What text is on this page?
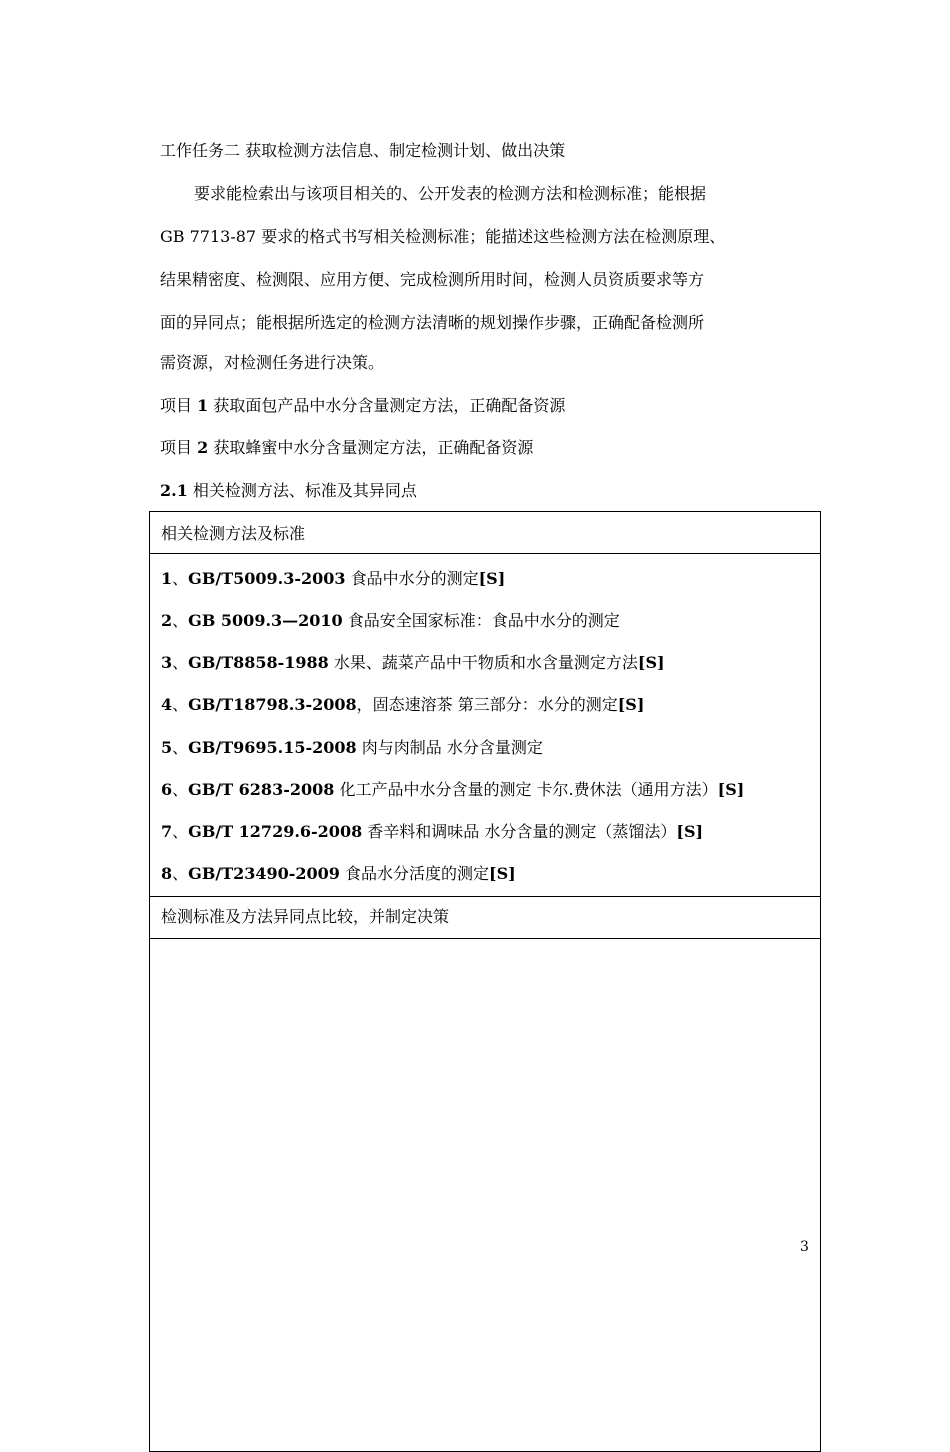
工作任务二 获取检测方法信息、制定检测计划、做出决策
要求能检索出与该项目相关的、公开发表的检测方法和检测标准；能根据
GB 7713-87 要求的格式书写相关检测标准；能描述这些检测方法在检测原理、
结果精密度、检测限、应用方便、完成检测所用时间，检测人员资质要求等方
面的异同点；能根据所选定的检测方法清晰的规划操作步骤，正确配备检测所
需资源，对检测任务进行决策。
项目 1 获取面包产品中水分含量测定方法，正确配备资源
项目 2 获取蜂蜜中水分含量测定方法，正确配备资源
2.1 相关检测方法、标准及其异同点
相关检测方法及标准
1、GB/T5009.3-2003 食品中水分的测定[S]
2、GB 5009.3—2010 食品安全国家标准：食品中水分的测定
3、GB/T8858-1988 水果、蔬菜产品中干物质和水含量测定方法[S]
4、GB/T18798.3-2008，固态速溶茶 第三部分：水分的测定[S]
5、GB/T9695.15-2008 肉与肉制品 水分含量测定
6、GB/T 6283-2008 化工产品中水分含量的测定 卡尔.费休法（通用方法）[S]
7、GB/T 12729.6-2008 香辛料和调味品 水分含量的测定（蒸馏法）[S]
8、GB/T23490-2009 食品水分活度的测定[S]
检测标准及方法异同点比较，并制定决策
3
